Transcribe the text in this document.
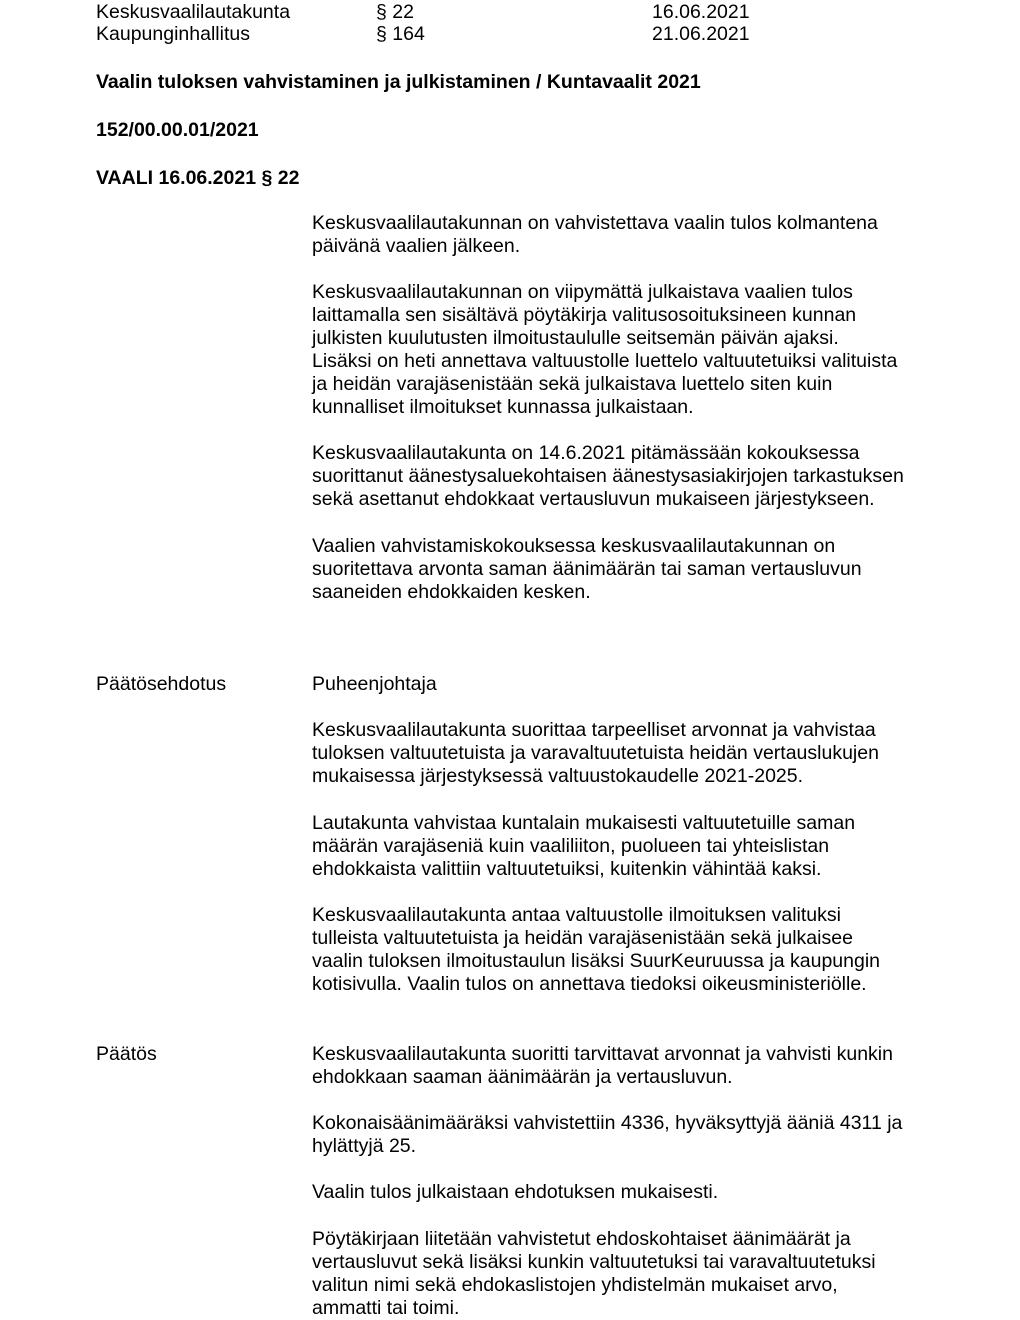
Keskusvaalilautakunta	§ 22	16.06.2021
Kaupunginhallitus	§ 164	21.06.2021
Vaalin tuloksen vahvistaminen ja julkistaminen / Kuntavaalit 2021
152/00.00.01/2021
VAALI 16.06.2021 § 22
Keskusvaalilautakunnan on vahvistettava vaalin tulos kolmantena
päivänä vaalien jälkeen.
Keskusvaalilautakunnan on viipymättä julkaistava vaalien tulos
laittamalla sen sisältävä pöytäkirja valitusosoituksineen kunnan
julkisten kuulutusten ilmoitustaululle seitsemän päivän ajaksi.
Lisäksi on heti annettava valtuustolle luettelo valtuutetuiksi valituista
ja heidän varajäsenistään sekä julkaistava luettelo siten kuin
kunnalliset ilmoitukset kunnassa julkaistaan.
Keskusvaalilautakunta on 14.6.2021 pitämässään kokouksessa
suorittanut äänestysaluekohtaisen äänestysasiakirjojen tarkastuksen
sekä asettanut ehdokkaat vertausluvun mukaiseen järjestykseen.
Vaalien vahvistamiskokouksessa keskusvaalilautakunnan on
suoritettava arvonta saman äänimäärän tai saman vertausluvun
saaneiden ehdokkaiden kesken.
Päätösehdotus	Puheenjohtaja
Keskusvaalilautakunta suorittaa tarpeelliset arvonnat ja vahvistaa
tuloksen valtuutetuista ja varavaltuutetuista heidän vertauslukujen
mukaisessa järjestyksessä valtuustokaudelle 2021-2025.
Lautakunta vahvistaa kuntalain mukaisesti valtuutetuille saman
määrän varajäseniä kuin vaaliliiton, puolueen tai yhteislistan
ehdokkaista valittiin valtuutetuiksi, kuitenkin vähintää kaksi.
Keskusvaalilautakunta antaa valtuustolle ilmoituksen valituksi
tulleista valtuutetuista ja heidän varajäsenistään sekä julkaisee
vaalin tuloksen ilmoitustaulun lisäksi SuurKeuruussa ja kaupungin
kotisivulla. Vaalin tulos on annettava tiedoksi oikeusministeriölle.
Päätös	Keskusvaalilautakunta suoritti tarvittavat arvonnat ja vahvisti kunkin
ehdokkaan saaman äänimäärän ja vertausluvun.
Kokonaisäänimääräksi vahvistettiin 4336, hyväksyttyjä ääniä 4311 ja
hylättyjä 25.
Vaalin tulos julkaistaan ehdotuksen mukaisesti.
Pöytäkirjaan liitetään vahvistetut ehdoskohtaiset äänimäärät ja
vertausluvut sekä lisäksi kunkin valtuutetuksi tai varavaltuutetuksi
valitun nimi sekä ehdokaslistojen yhdistelmän mukaiset arvo,
ammatti tai toimi.
